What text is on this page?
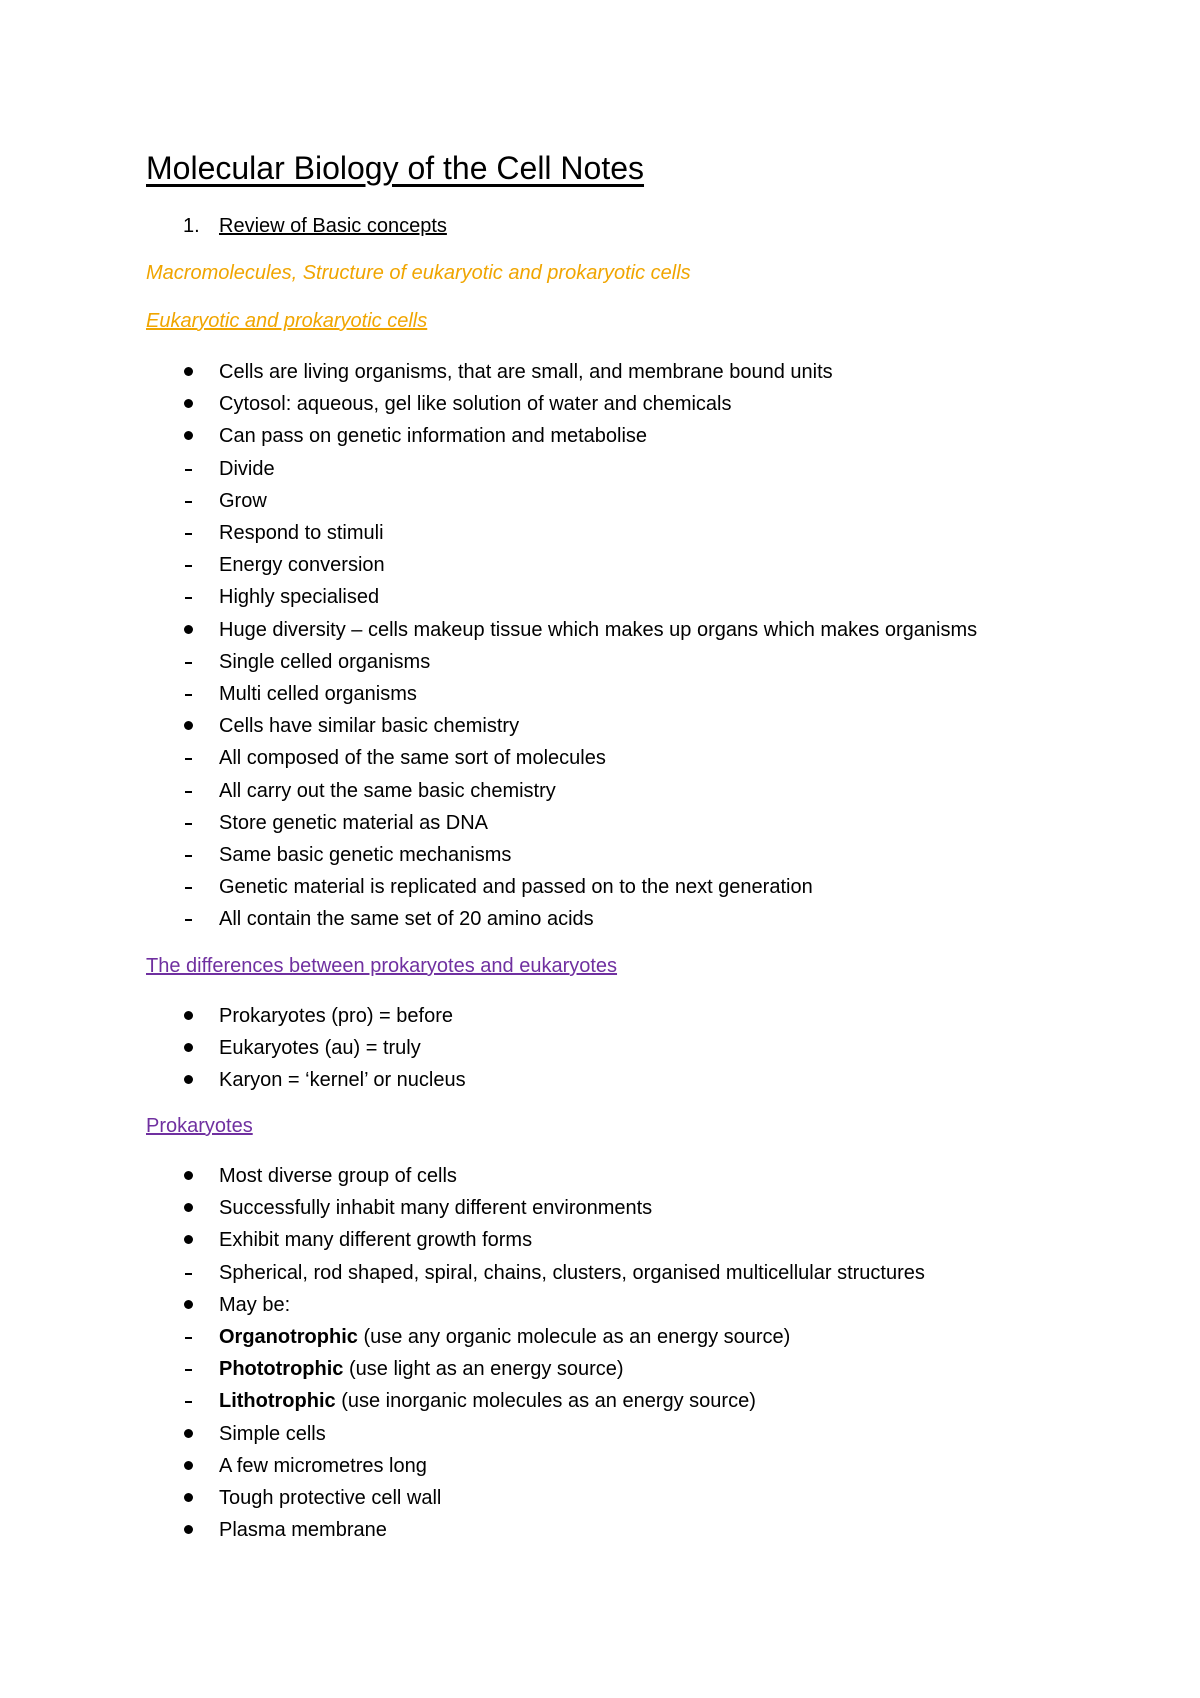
Molecular Biology of the Cell Notes
1. Review of Basic concepts
Macromolecules, Structure of eukaryotic and prokaryotic cells
Eukaryotic and prokaryotic cells
Cells are living organisms, that are small, and membrane bound units
Cytosol: aqueous, gel like solution of water and chemicals
Can pass on genetic information and metabolise
Divide
Grow
Respond to stimuli
Energy conversion
Highly specialised
Huge diversity – cells makeup tissue which makes up organs which makes organisms
Single celled organisms
Multi celled organisms
Cells have similar basic chemistry
All composed of the same sort of molecules
All carry out the same basic chemistry
Store genetic material as DNA
Same basic genetic mechanisms
Genetic material is replicated and passed on to the next generation
All contain the same set of 20 amino acids
The differences between prokaryotes and eukaryotes
Prokaryotes (pro) = before
Eukaryotes (au) = truly
Karyon = ‘kernel’ or nucleus
Prokaryotes
Most diverse group of cells
Successfully inhabit many different environments
Exhibit many different growth forms
Spherical, rod shaped, spiral, chains, clusters, organised multicellular structures
May be:
Organotrophic (use any organic molecule as an energy source)
Phototrophic (use light as an energy source)
Lithotrophic (use inorganic molecules as an energy source)
Simple cells
A few micrometres long
Tough protective cell wall
Plasma membrane
